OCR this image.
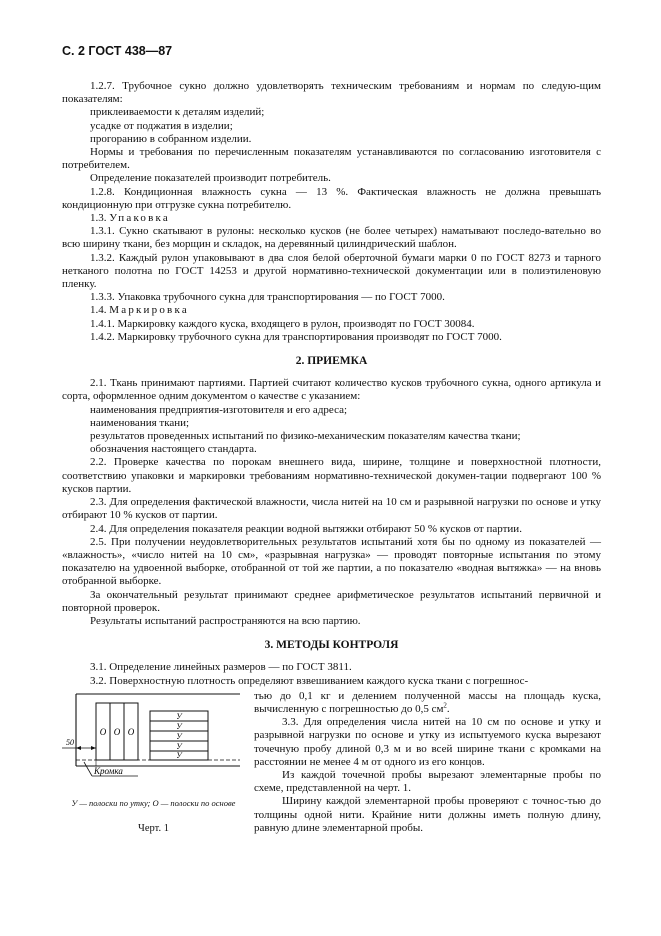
С. 2 ГОСТ 438—87

1.2.7. Трубочное сукно должно удовлетворять техническим требованиям и нормам по следую-щим показателям:

приклеиваемости к деталям изделий;

усадке от поджатия в изделии;

прогоранию в собранном изделии.

Нормы и требования по перечисленным показателям устанавливаются по согласованию изготовителя с потребителем.

Определение показателей производит потребитель.

1.2.8. Кондиционная влажность сукна — 13 %. Фактическая влажность не должна превышать кондиционную при отгрузке сукна потребителю.

1.3. Упаковка

1.3.1. Сукно скатывают в рулоны: несколько кусков (не более четырех) наматывают последо-вательно во всю ширину ткани, без морщин и складок, на деревянный цилиндрический шаблон.

1.3.2. Каждый рулон упаковывают в два слоя белой оберточной бумаги марки 0 по ГОСТ 8273 и тарного нетканого полотна по ГОСТ 14253 и другой нормативно-технической документации или в полиэтиленовую пленку.

1.3.3. Упаковка трубочного сукна для транспортирования — по ГОСТ 7000.

1.4. Маркировка

1.4.1. Маркировку каждого куска, входящего в рулон, производят по ГОСТ 30084.

1.4.2. Маркировку трубочного сукна для транспортирования производят по ГОСТ 7000.

2. ПРИЕМКА

2.1. Ткань принимают партиями. Партией считают количество кусков трубочного сукна, одного артикула и сорта, оформленное одним документом о качестве с указанием:

наименования предприятия-изготовителя и его адреса;

наименования ткани;

результатов проведенных испытаний по физико-механическим показателям качества ткани;

обозначения настоящего стандарта.

2.2. Проверке качества по порокам внешнего вида, ширине, толщине и поверхностной плотности, соответствию упаковки и маркировки требованиям нормативно-технической докумен-тации подвергают 100 % кусков партии.

2.3. Для определения фактической влажности, числа нитей на 10 см и разрывной нагрузки по основе и утку отбирают 10 % кусков от партии.

2.4. Для определения показателя реакции водной вытяжки отбирают 50 % кусков от партии.

2.5. При получении неудовлетворительных результатов испытаний хотя бы по одному из показателей — «влажность», «число нитей на 10 см», «разрывная нагрузка» — проводят повторные испытания по этому показателю на удвоенной выборке, отобранной от той же партии, а по показателю «водная вытяжка» — на вновь отобранной выборке.

За окончательный результат принимают среднее арифметическое результатов испытаний первичной и повторной проверок.

Результаты испытаний распространяются на всю партию.

3. МЕТОДЫ КОНТРОЛЯ

3.1. Определение линейных размеров — по ГОСТ 3811.

3.2. Поверхностную плотность определяют взвешиванием каждого куска ткани с погрешнос-

О О О
У
У
У
У
У
50
Кромка
У — полоски по утку; О — полоски по основе
Черт. 1

тью до 0,1 кг и делением полученной массы на площадь куска, вычисленную с погрешностью до 0,5 $см^2$.

3.3. Для определения числа нитей на 10 см по основе и утку и разрывной нагрузки по основе и утку из испытуемого куска вырезают точечную пробу длиной 0,3 м и во всей ширине ткани с кромками на расстоянии не менее 4 м от одного из его концов.

Из каждой точечной пробы вырезают элементарные пробы по схеме, представленной на черт. 1.

Ширину каждой элементарной пробы проверяют с точнос-тью до толщины одной нити. Крайние нити должны иметь полную длину, равную длине элементарной пробы.
